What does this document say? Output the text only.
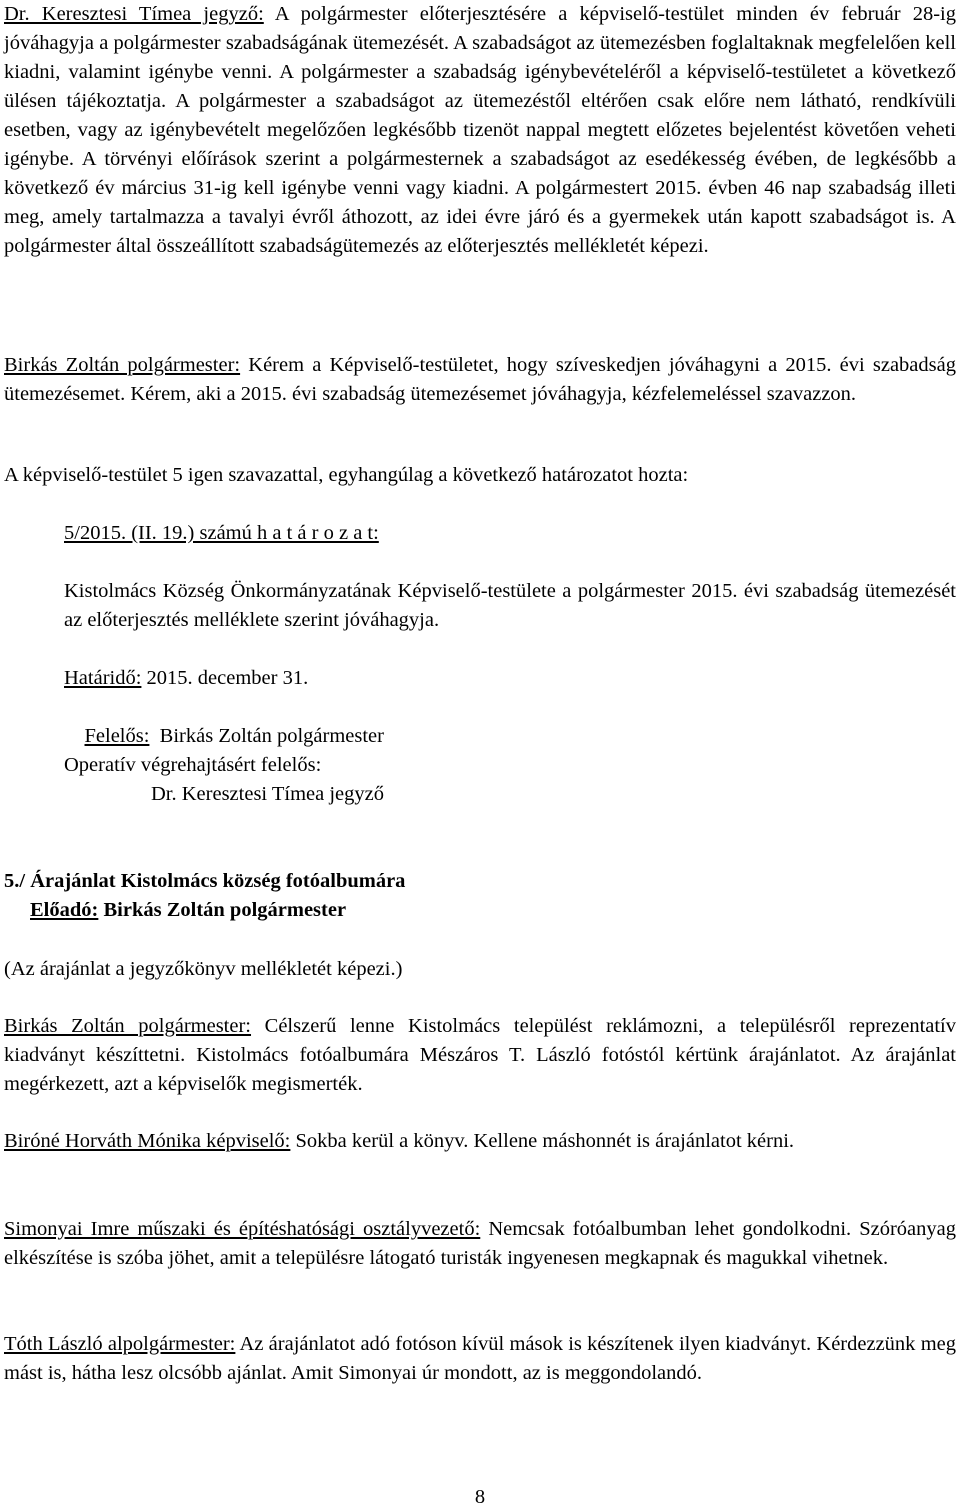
Dr. Keresztesi Tímea jegyző: A polgármester előterjesztésére a képviselő-testület minden év február 28-ig jóváhagyja a polgármester szabadságának ütemezését. A szabadságot az ütemezésben foglaltaknak megfelelően kell kiadni, valamint igénybe venni. A polgármester a szabadság igénybevételéről a képviselő-testületet a következő ülésen tájékoztatja. A polgármester a szabadságot az ütemezéstől eltérően csak előre nem látható, rendkívüli esetben, vagy az igénybevételt megelőzően legkésőbb tizenöt nappal megtett előzetes bejelentést követően veheti igénybe. A törvényi előírások szerint a polgármesternek a szabadságot az esedékesség évében, de legkésőbb a következő év március 31-ig kell igénybe venni vagy kiadni. A polgármestert 2015. évben 46 nap szabadság illeti meg, amely tartalmazza a tavalyi évről áthozott, az idei évre járó és a gyermekek után kapott szabadságot is. A polgármester által összeállított szabadságütemezés az előterjesztés mellékletét képezi.

Birkás Zoltán polgármester: Kérem a Képviselő-testületet, hogy szíveskedjen jóváhagyni a 2015. évi szabadság ütemezésemet. Kérem, aki a 2015. évi szabadság ütemezésemet jóváhagyja, kézfelemeléssel szavazzon.

A képviselő-testület 5 igen szavazattal, egyhangúlag a következő határozatot hozta:

5/2015. (II. 19.) számú h a t á r o z a t:

Kistolmács Község Önkormányzatának Képviselő-testülete a polgármester 2015. évi szabadság ütemezését az előterjesztés melléklete szerint jóváhagyja.

Határidő: 2015. december 31.

Felelős:  Birkás Zoltán polgármester

Operatív végrehajtásért felelős:

Dr. Keresztesi Tímea jegyző

5./ Árajánlat Kistolmács község fotóalbumára

Előadó: Birkás Zoltán polgármester

(Az árajánlat a jegyzőkönyv mellékletét képezi.)

Birkás Zoltán polgármester: Célszerű lenne Kistolmács települést reklámozni, a településről reprezentatív kiadványt készíttetni. Kistolmács fotóalbumára Mészáros T. László fotóstól kértünk árajánlatot. Az árajánlat megérkezett, azt a képviselők megismerték.

Biróné Horváth Mónika képviselő: Sokba kerül a könyv. Kellene máshonnét is árajánlatot kérni.

Simonyai Imre műszaki és építéshatósági osztályvezető: Nemcsak fotóalbumban lehet gondolkodni. Szóróanyag elkészítése is szóba jöhet, amit a településre látogató turisták ingyenesen megkapnak és magukkal vihetnek.

Tóth László alpolgármester: Az árajánlatot adó fotóson kívül mások is készítenek ilyen kiadványt. Kérdezzünk meg mást is, hátha lesz olcsóbb ajánlat. Amit Simonyai úr mondott, az is meggondolandó.

8
